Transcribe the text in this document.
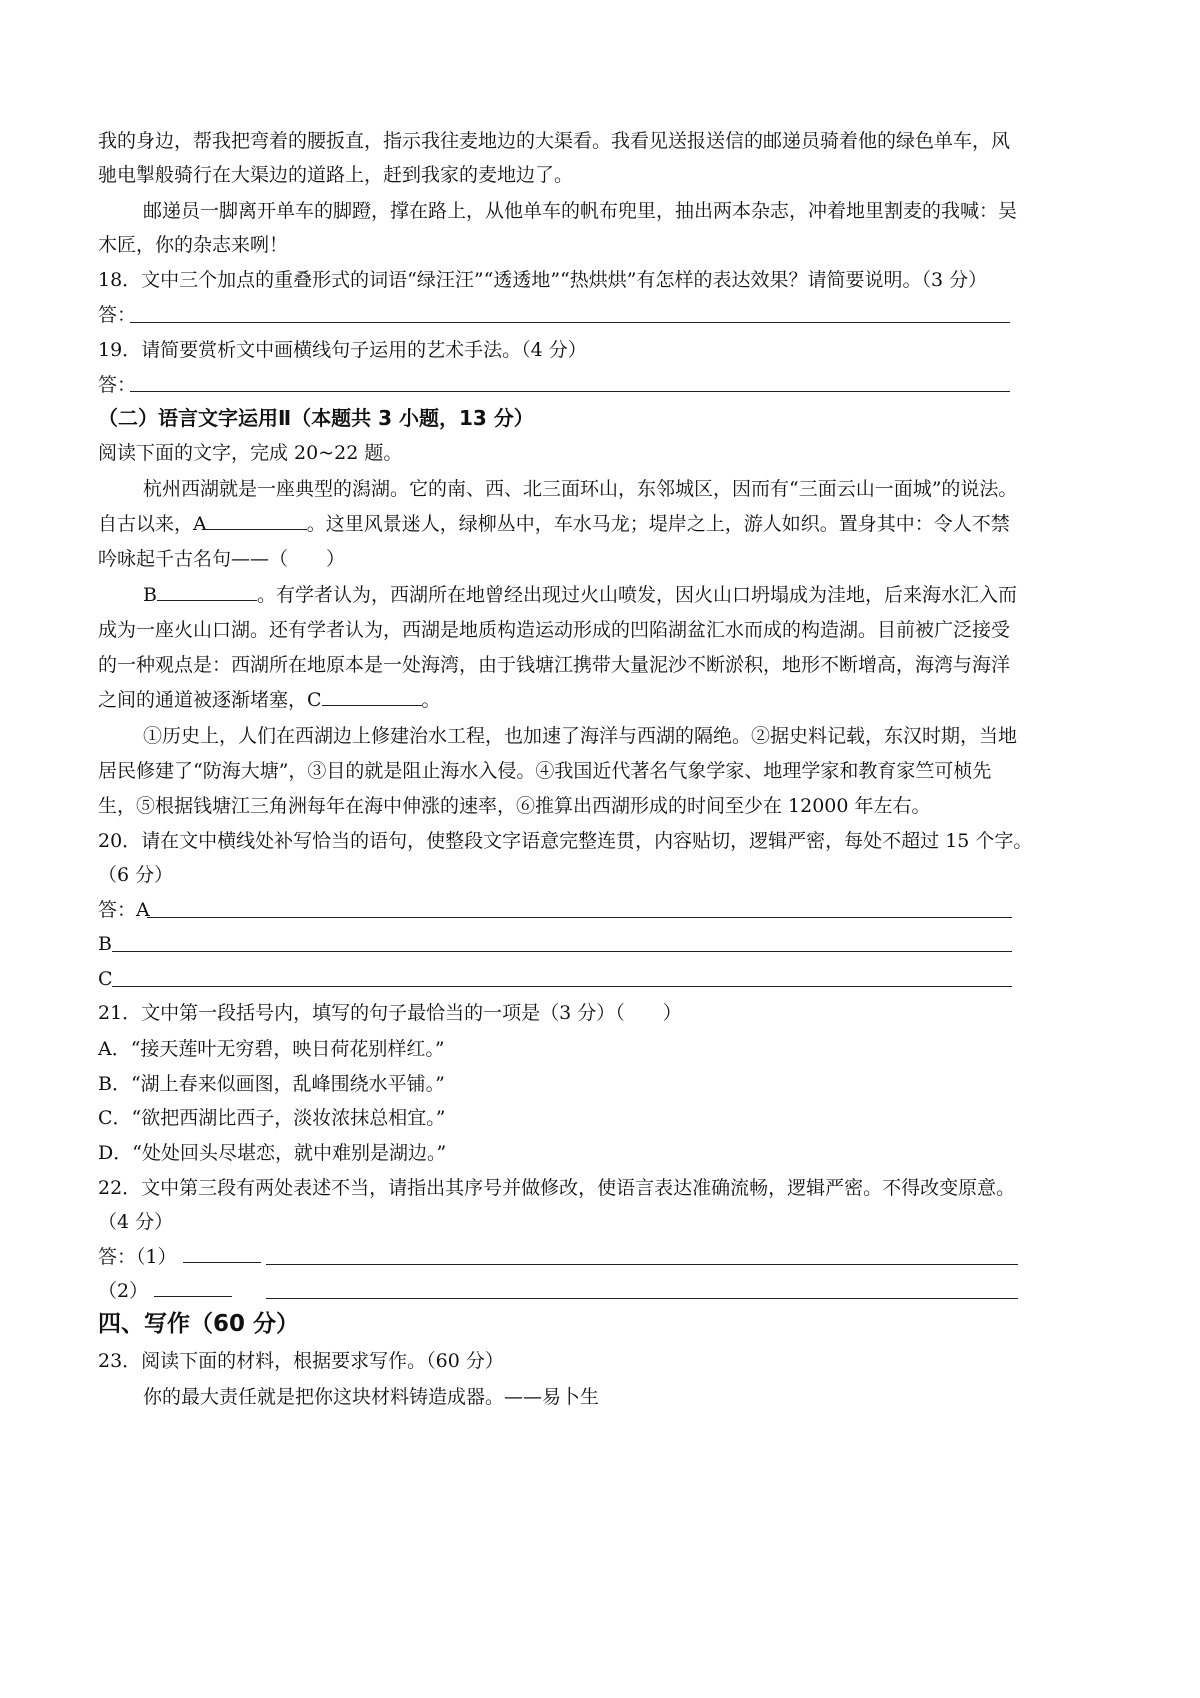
我的身边，帮我把弯着的腰扳直，指示我往麦地边的大渠看。我看见送报送信的邮递员骑着他的绿色单车，风
驰电掣般骑行在大渠边的道路上，赶到我家的麦地边了。
邮递员一脚离开单车的脚蹬，撑在路上，从他单车的帆布兜里，抽出两本杂志，冲着地里割麦的我喊：吴
木匠，你的杂志来咧！
18．文中三个加点的重叠形式的词语“绿汪汪”“透透地”“热烘烘”有怎样的表达效果？请简要说明。（3 分）
答：
19．请简要赏析文中画横线句子运用的艺术手法。（4 分）
答：
（二）语言文字运用Ⅱ（本题共 3 小题，13 分）
阅读下面的文字，完成 20~22 题。
杭州西湖就是一座典型的潟湖。它的南、西、北三面环山，东邻城区，因而有“三面云山一面城”的说法。
自古以来，A	。这里风景迷人，绿柳丛中，车水马龙；堤岸之上，游人如织。置身其中：令人不禁
吟咏起千古名句——（　　）
B	。有学者认为，西湖所在地曾经出现过火山喷发，因火山口坍塌成为洼地，后来海水汇入而
成为一座火山口湖。还有学者认为，西湖是地质构造运动形成的凹陷湖盆汇水而成的构造湖。目前被广泛接受
的一种观点是：西湖所在地原本是一处海湾，由于钱塘江携带大量泥沙不断淤积，地形不断增高，海湾与海洋
之间的通道被逐渐堵塞，C	。
①历史上，人们在西湖边上修建治水工程，也加速了海洋与西湖的隔绝。②据史料记载，东汉时期，当地
居民修建了“防海大塘”，③目的就是阻止海水入侵。④我国近代著名气象学家、地理学家和教育家竺可桢先
生，⑤根据钱塘江三角洲每年在海中伸涨的速率，⑥推算出西湖形成的时间至少在 12000 年左右。
20．请在文中横线处补写恰当的语句，使整段文字语意完整连贯，内容贴切，逻辑严密，每处不超过 15 个字。
（6 分）
答：A
B
C
21．文中第一段括号内，填写的句子最恰当的一项是（3 分）（　　）
A．“接天莲叶无穷碧，映日荷花别样红。”
B．“湖上春来似画图，乱峰围绕水平铺。”
C．“欲把西湖比西子，淡妆浓抹总相宜。”
D．“处处回头尽堪恋，就中难别是湖边。”
22．文中第三段有两处表述不当，请指出其序号并做修改，使语言表达准确流畅，逻辑严密。不得改变原意。
（4 分）
答：（1）
（2）
四、写作（60 分）
23．阅读下面的材料，根据要求写作。（60 分）
你的最大责任就是把你这块材料铸造成器。——易卜生
